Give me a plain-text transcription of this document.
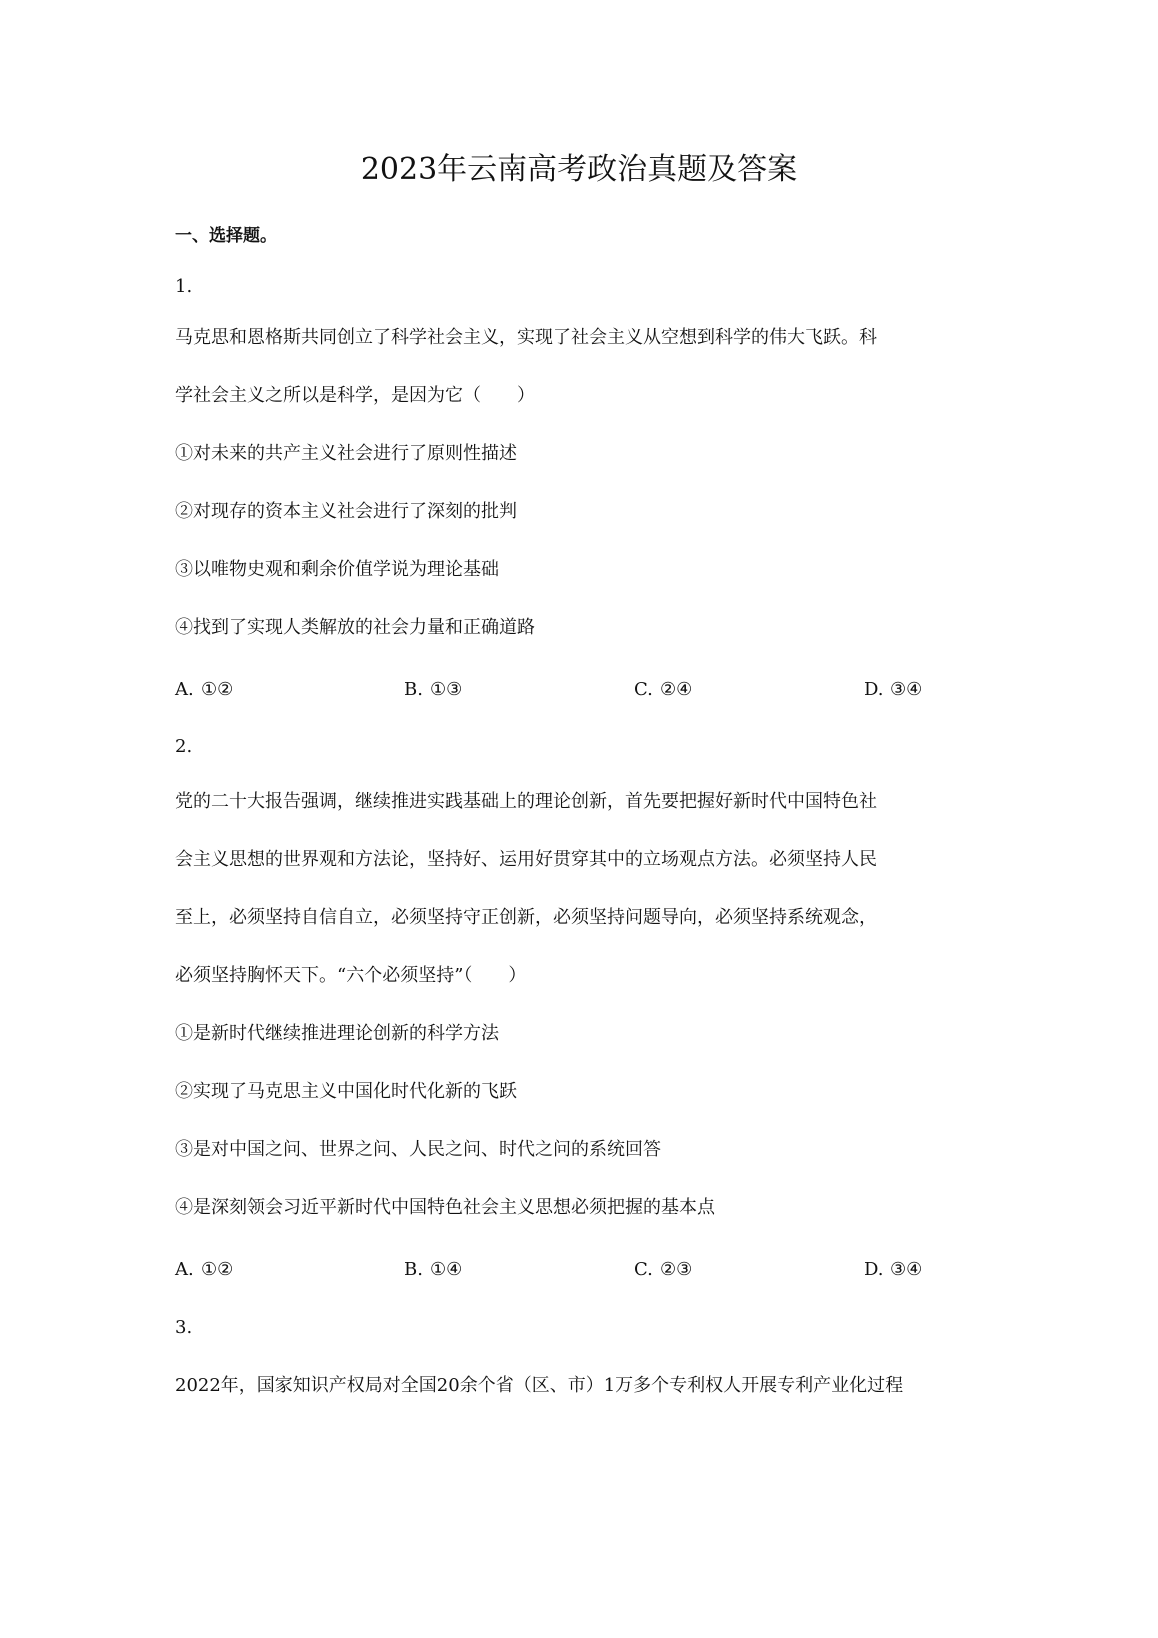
2023年云南高考政治真题及答案
一、选择题。
1.
马克思和恩格斯共同创立了科学社会主义，实现了社会主义从空想到科学的伟大飞跃。科
学社会主义之所以是科学，是因为它（　　）
①对未来的共产主义社会进行了原则性描述
②对现存的资本主义社会进行了深刻的批判
③以唯物史观和剩余价值学说为理论基础
④找到了实现人类解放的社会力量和正确道路
A. ①②	B. ①③	C. ②④	D. ③④
2.
党的二十大报告强调，继续推进实践基础上的理论创新，首先要把握好新时代中国特色社
会主义思想的世界观和方法论，坚持好、运用好贯穿其中的立场观点方法。必须坚持人民
至上，必须坚持自信自立，必须坚持守正创新，必须坚持问题导向，必须坚持系统观念，
必须坚持胸怀天下。“六个必须坚持”（　　）
①是新时代继续推进理论创新的科学方法
②实现了马克思主义中国化时代化新的飞跃
③是对中国之问、世界之问、人民之问、时代之问的系统回答
④是深刻领会习近平新时代中国特色社会主义思想必须把握的基本点
A. ①②	B. ①④	C. ②③	D. ③④
3.
2022年，国家知识产权局对全国20余个省（区、市）1万多个专利权人开展专利产业化过程
